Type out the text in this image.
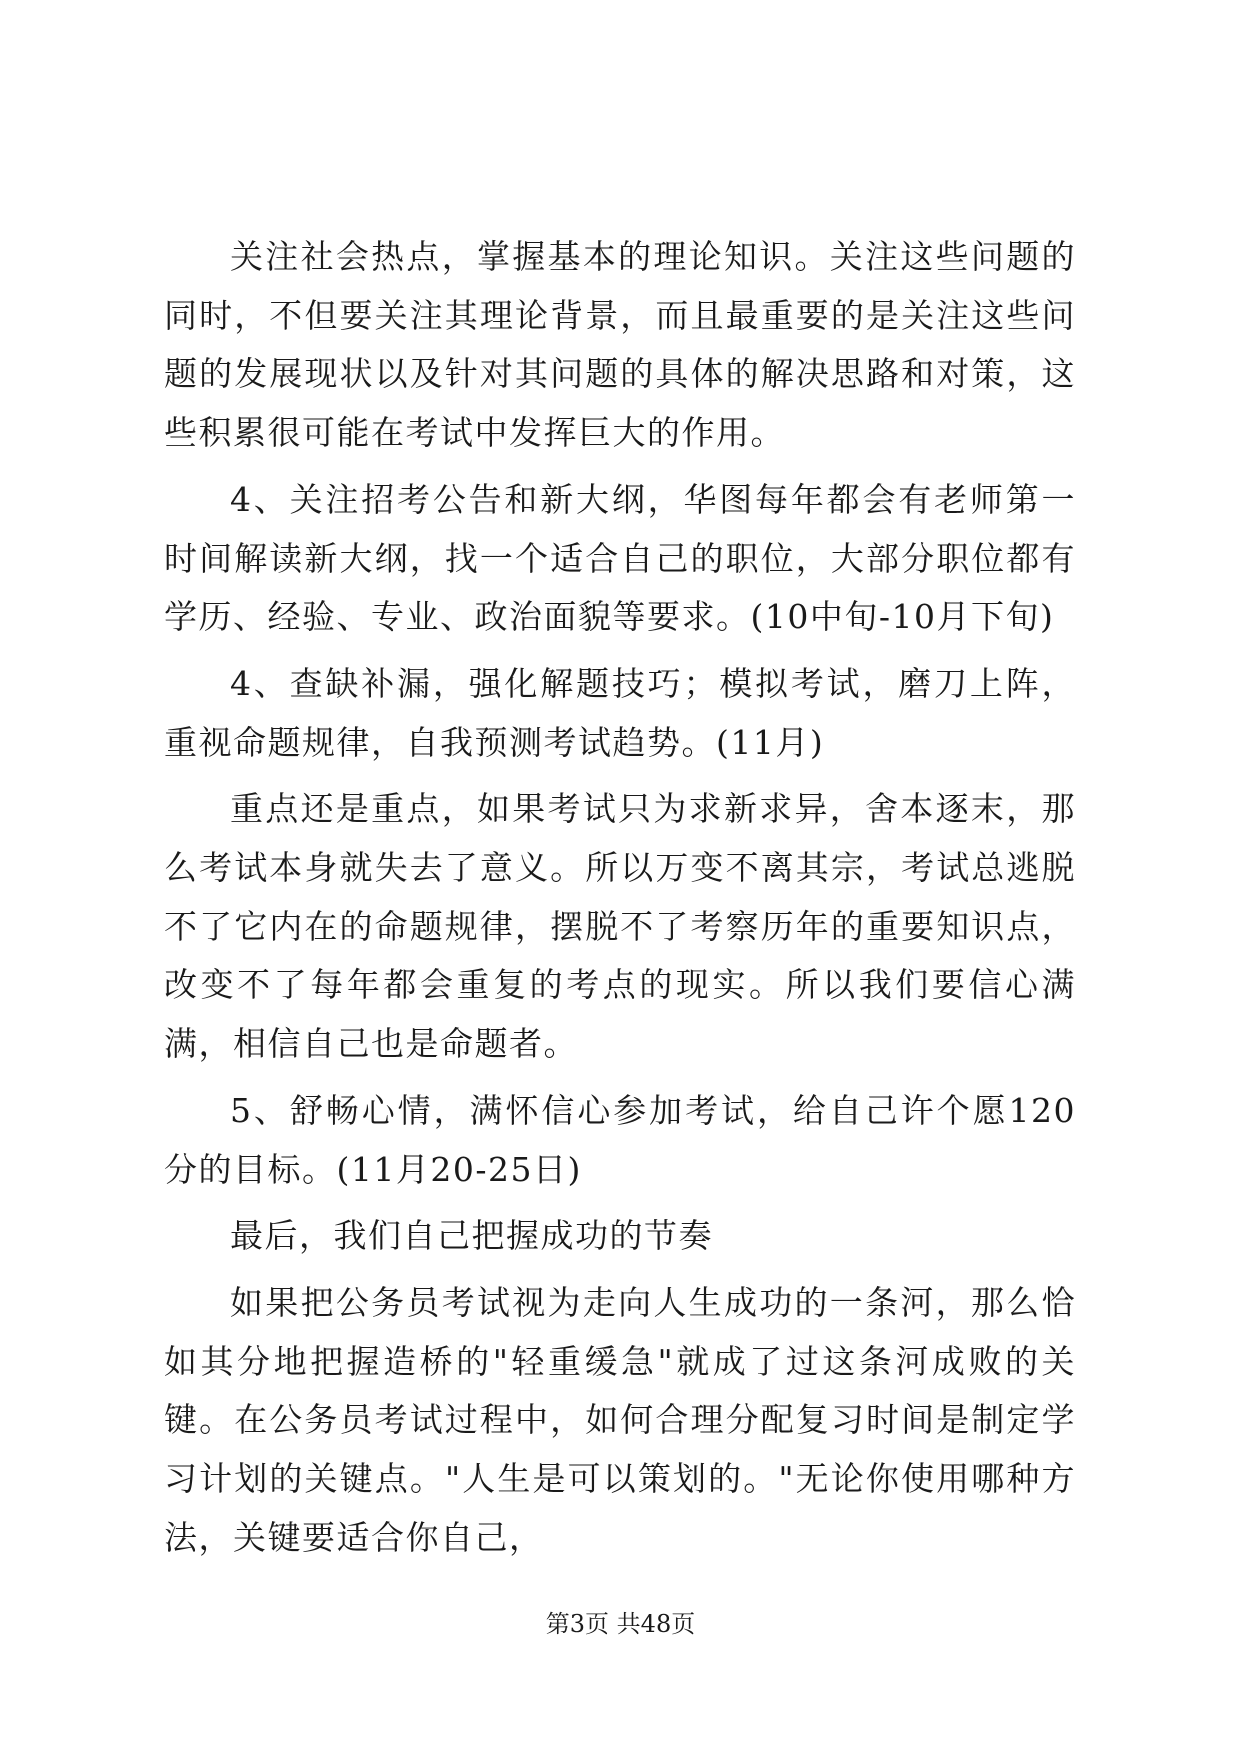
关注社会热点，掌握基本的理论知识。关注这些问题的同时，不但要关注其理论背景，而且最重要的是关注这些问题的发展现状以及针对其问题的具体的解决思路和对策，这些积累很可能在考试中发挥巨大的作用。

4、关注招考公告和新大纲，华图每年都会有老师第一时间解读新大纲，找一个适合自己的职位，大部分职位都有学历、经验、专业、政治面貌等要求。(10中旬-10月下旬)

4、查缺补漏，强化解题技巧；模拟考试，磨刀上阵，重视命题规律，自我预测考试趋势。(11月)

重点还是重点，如果考试只为求新求异，舍本逐末，那么考试本身就失去了意义。所以万变不离其宗，考试总逃脱不了它内在的命题规律，摆脱不了考察历年的重要知识点，改变不了每年都会重复的考点的现实。所以我们要信心满满，相信自己也是命题者。

5、舒畅心情，满怀信心参加考试，给自己许个愿120分的目标。(11月20-25日)

最后，我们自己把握成功的节奏

如果把公务员考试视为走向人生成功的一条河，那么恰如其分地把握造桥的"轻重缓急"就成了过这条河成败的关键。在公务员考试过程中，如何合理分配复习时间是制定学习计划的关键点。"人生是可以策划的。"无论你使用哪种方法，关键要适合你自己，

第3页 共48页
